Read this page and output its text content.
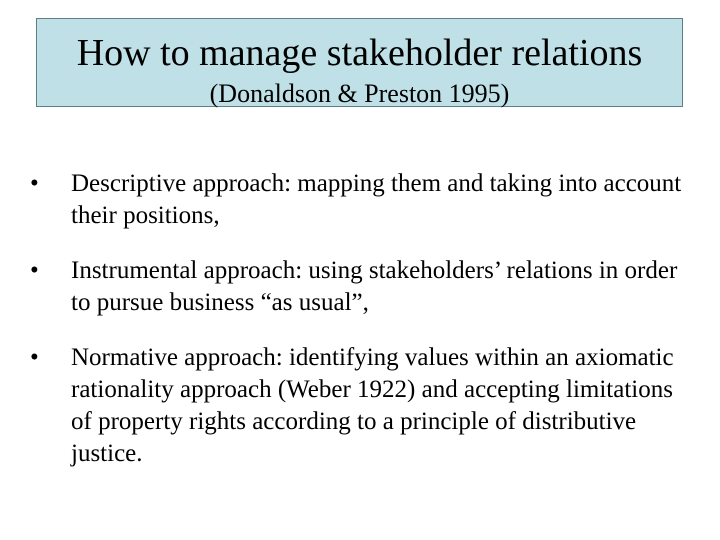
How to manage stakeholder relations
(Donaldson & Preston 1995)
•	Descriptive approach: mapping them and taking into account their positions,
•	Instrumental approach: using stakeholders’ relations in order to pursue business “as usual”,
•	Normative approach: identifying values within an axiomatic rationality approach (Weber 1922) and accepting limitations of property rights according to a principle of distributive justice.
